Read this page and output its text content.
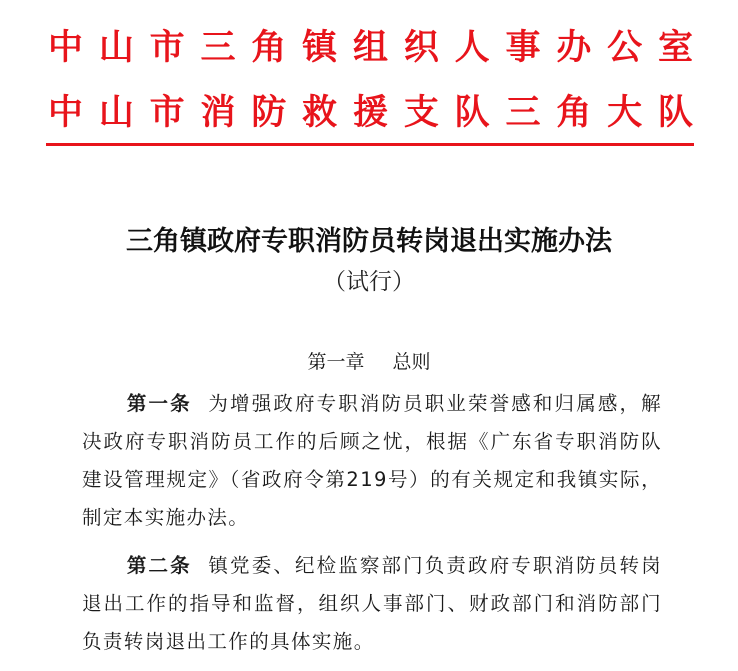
中山市三角镇组织人事办公室
中山市消防救援支队三角大队
三角镇政府专职消防员转岗退出实施办法
（试行）
第一章 总则

第一条 为增强政府专职消防员职业荣誉感和归属感，解决政府专职消防员工作的后顾之忧，根据《广东省专职消防队建设管理规定》（省政府令第219号）的有关规定和我镇实际，制定本实施办法。

第二条 镇党委、纪检监察部门负责政府专职消防员转岗退出工作的指导和监督，组织人事部门、财政部门和消防部门负责转岗退出工作的具体实施。
